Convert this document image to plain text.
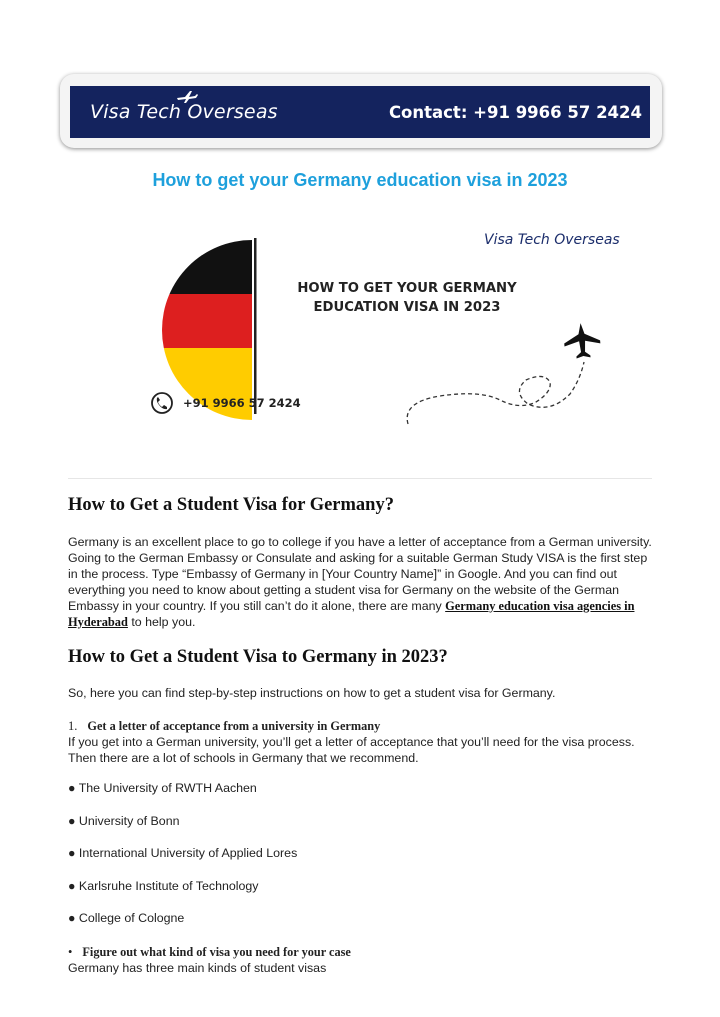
Visa Tech Overseas	Contact: +91 9966 57 2424
How to get your Germany education visa in 2023
Visa Tech Overseas
HOW TO GET YOUR GERMANY
EDUCATION VISA IN 2023
+91 9966 57 2424
How to Get a Student Visa for Germany?

Germany is an excellent place to go to college if you have a letter of acceptance from a German university. Going to the German Embassy or Consulate and asking for a suitable German Study VISA is the first step in the process. Type “Embassy of Germany in [Your Country Name]” in Google. And you can find out everything you need to know about getting a student visa for Germany on the website of the German Embassy in your country. If you still can’t do it alone, there are many Germany education visa agencies in Hyderabad to help you.

How to Get a Student Visa to Germany in 2023?

So, here you can find step-by-step instructions on how to get a student visa for Germany.

1. Get a letter of acceptance from a university in Germany

If you get into a German university, you’ll get a letter of acceptance that you’ll need for the visa process. Then there are a lot of schools in Germany that we recommend.

● The University of RWTH Aachen
● University of Bonn
● International University of Applied Lores
● Karlsruhe Institute of Technology
● College of Cologne
• Figure out what kind of visa you need for your case

Germany has three main kinds of student visas
